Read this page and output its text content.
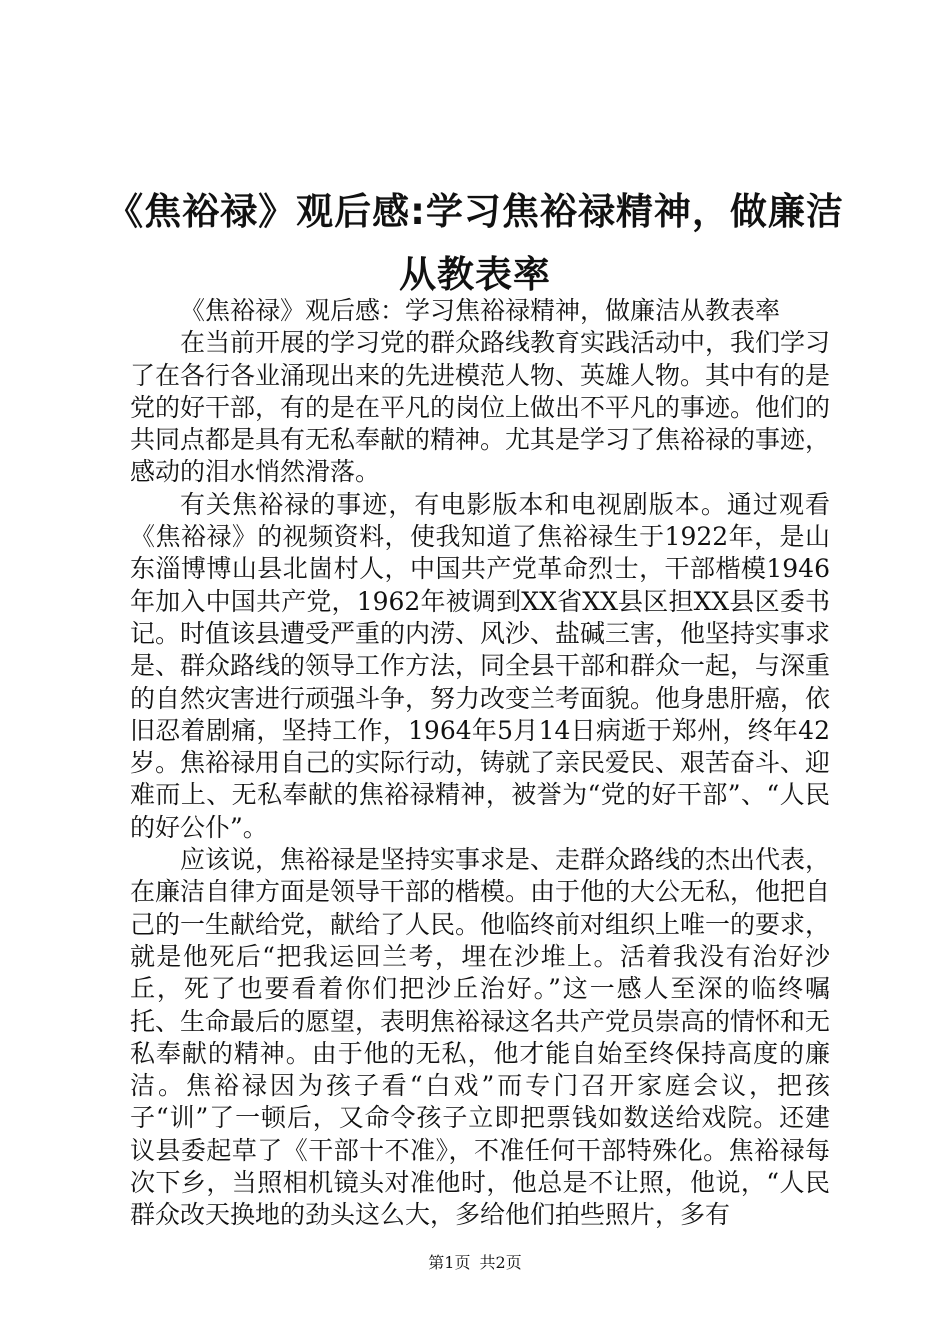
《焦裕禄》观后感:学习焦裕禄精神，做廉洁从教表率

《焦裕禄》观后感：学习焦裕禄精神，做廉洁从教表率

在当前开展的学习党的群众路线教育实践活动中，我们学习了在各行各业涌现出来的先进模范人物、英雄人物。其中有的是党的好干部，有的是在平凡的岗位上做出不平凡的事迹。他们的共同点都是具有无私奉献的精神。尤其是学习了焦裕禄的事迹，感动的泪水悄然滑落。

有关焦裕禄的事迹，有电影版本和电视剧版本。通过观看《焦裕禄》的视频资料，使我知道了焦裕禄生于1922年，是山东淄博博山县北崮村人，中国共产党革命烈士，干部楷模1946年加入中国共产党，1962年被调到XX省XX县区担XX县区委书记。时值该县遭受严重的内涝、风沙、盐碱三害，他坚持实事求是、群众路线的领导工作方法，同全县干部和群众一起，与深重的自然灾害进行顽强斗争，努力改变兰考面貌。他身患肝癌，依旧忍着剧痛，坚持工作，1964年5月14日病逝于郑州，终年42岁。焦裕禄用自己的实际行动，铸就了亲民爱民、艰苦奋斗、迎难而上、无私奉献的焦裕禄精神，被誉为“党的好干部”、“人民的好公仆”。

应该说，焦裕禄是坚持实事求是、走群众路线的杰出代表，在廉洁自律方面是领导干部的楷模。由于他的大公无私，他把自己的一生献给党，献给了人民。他临终前对组织上唯一的要求，就是他死后“把我运回兰考，埋在沙堆上。活着我没有治好沙丘，死了也要看着你们把沙丘治好。”这一感人至深的临终嘱托、生命最后的愿望，表明焦裕禄这名共产党员崇高的情怀和无私奉献的精神。由于他的无私，他才能自始至终保持高度的廉洁。焦裕禄因为孩子看“白戏”而专门召开家庭会议，把孩子“训”了一顿后，又命令孩子立即把票钱如数送给戏院。还建议县委起草了《干部十不准》，不准任何干部特殊化。焦裕禄每次下乡，当照相机镜头对准他时，他总是不让照，他说，“人民群众改天换地的劲头这么大，多给他们拍些照片，多有

第1页 共2页
